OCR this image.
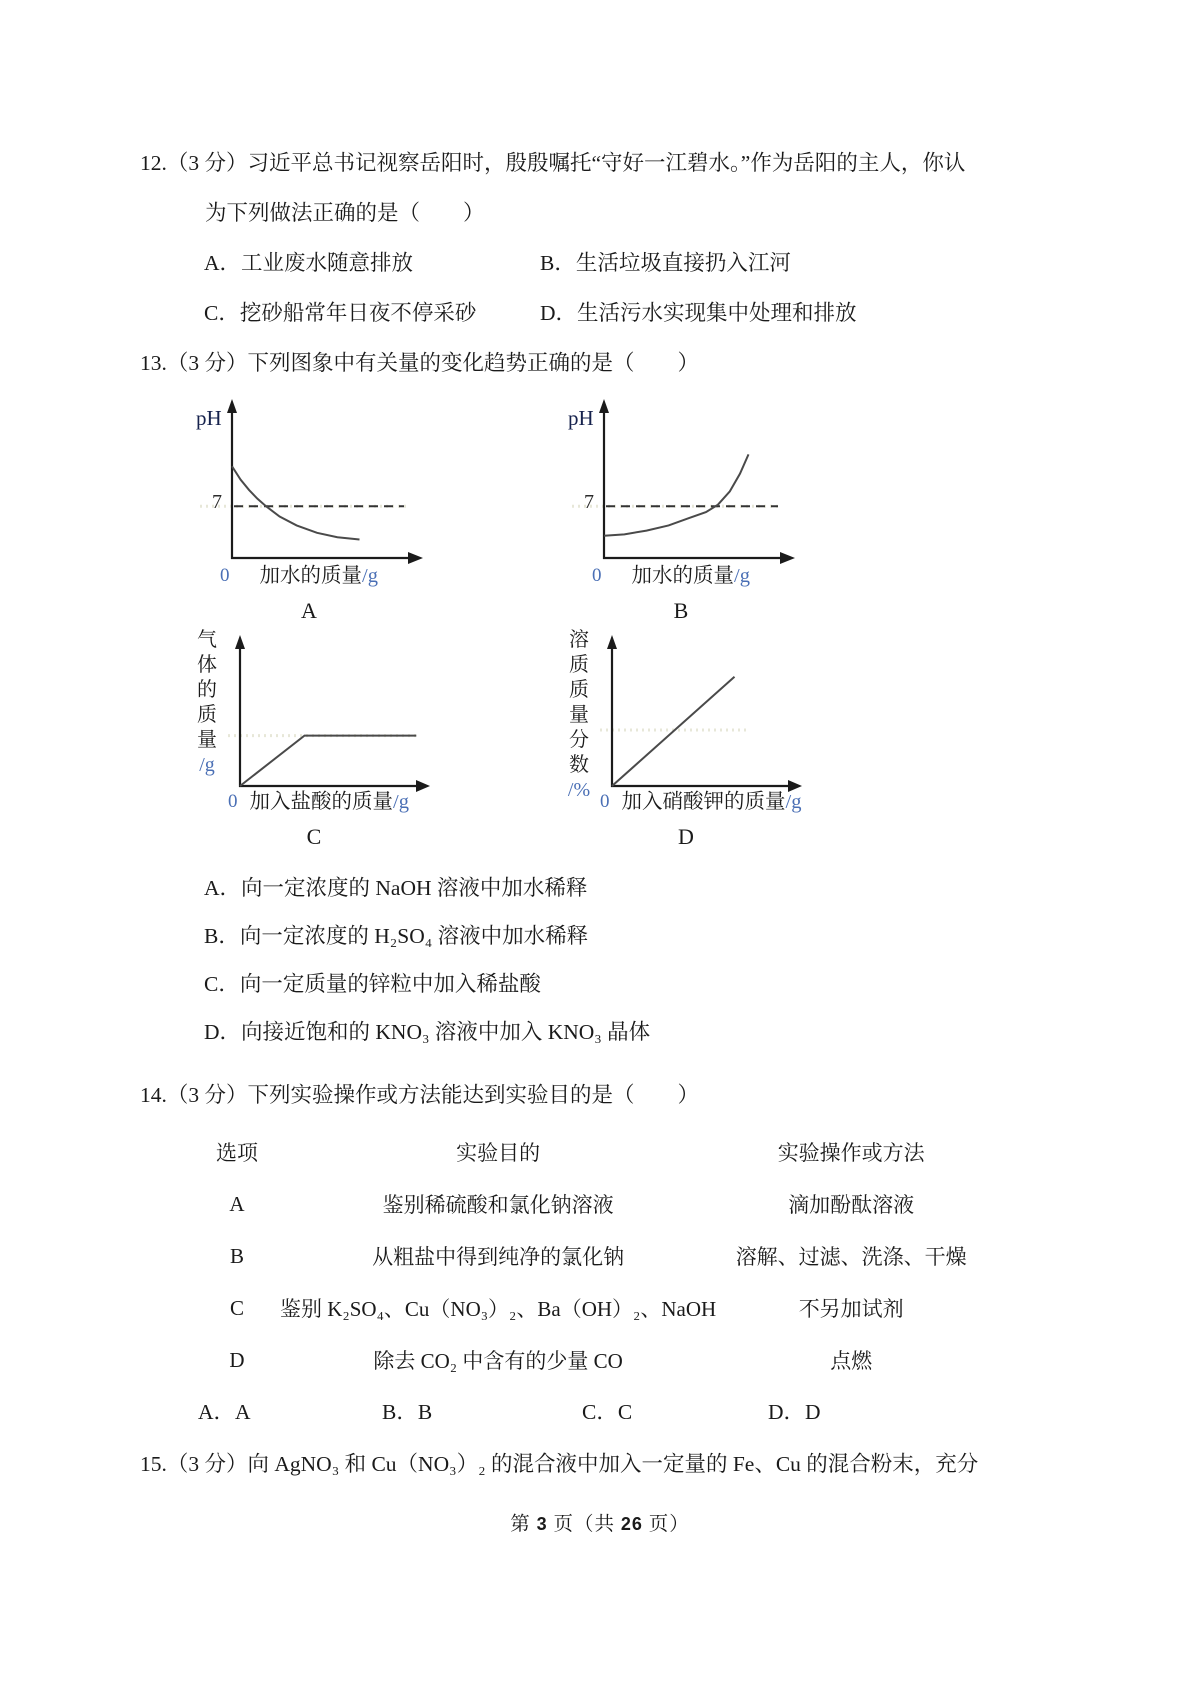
12.（3 分）习近平总书记视察岳阳时，殷殷嘱托“守好一江碧水。”作为岳阳的主人，你认
为下列做法正确的是（　　）
A．工业废水随意排放	B．生活垃圾直接扔入江河
C．挖砂船常年日夜不停采砂	D．生活污水实现集中处理和排放
13.（3 分）下列图象中有关量的变化趋势正确的是（　　）
pH
7
0 加水的质量/g
A
pH
7
0 加水的质量/g
B
气体的质量
/g
0 加入盐酸的质量/g
C
溶质质量分数
/%
0 加入硝酸钾的质量/g
D
A．向一定浓度的 NaOH 溶液中加水稀释
B．向一定浓度的 H₂SO₄ 溶液中加水稀释
C．向一定质量的锌粒中加入稀盐酸
D．向接近饱和的 KNO₃ 溶液中加入 KNO₃ 晶体
14.（3 分）下列实验操作或方法能达到实验目的是（　　）
选项	实验目的	实验操作或方法
A	鉴别稀硫酸和氯化钠溶液	滴加酚酞溶液
B	从粗盐中得到纯净的氯化钠	溶解、过滤、洗涤、干燥
C	鉴别 K₂SO₄、Cu（NO₃）₂、Ba（OH）₂、NaOH	不另加试剂
D	除去 CO₂ 中含有的少量 CO	点燃
A．A	B．B	C．C	D．D
15.（3 分）向 AgNO₃ 和 Cu（NO₃）₂ 的混合液中加入一定量的 Fe、Cu 的混合粉末，充分
第 3 页（共 26 页）
